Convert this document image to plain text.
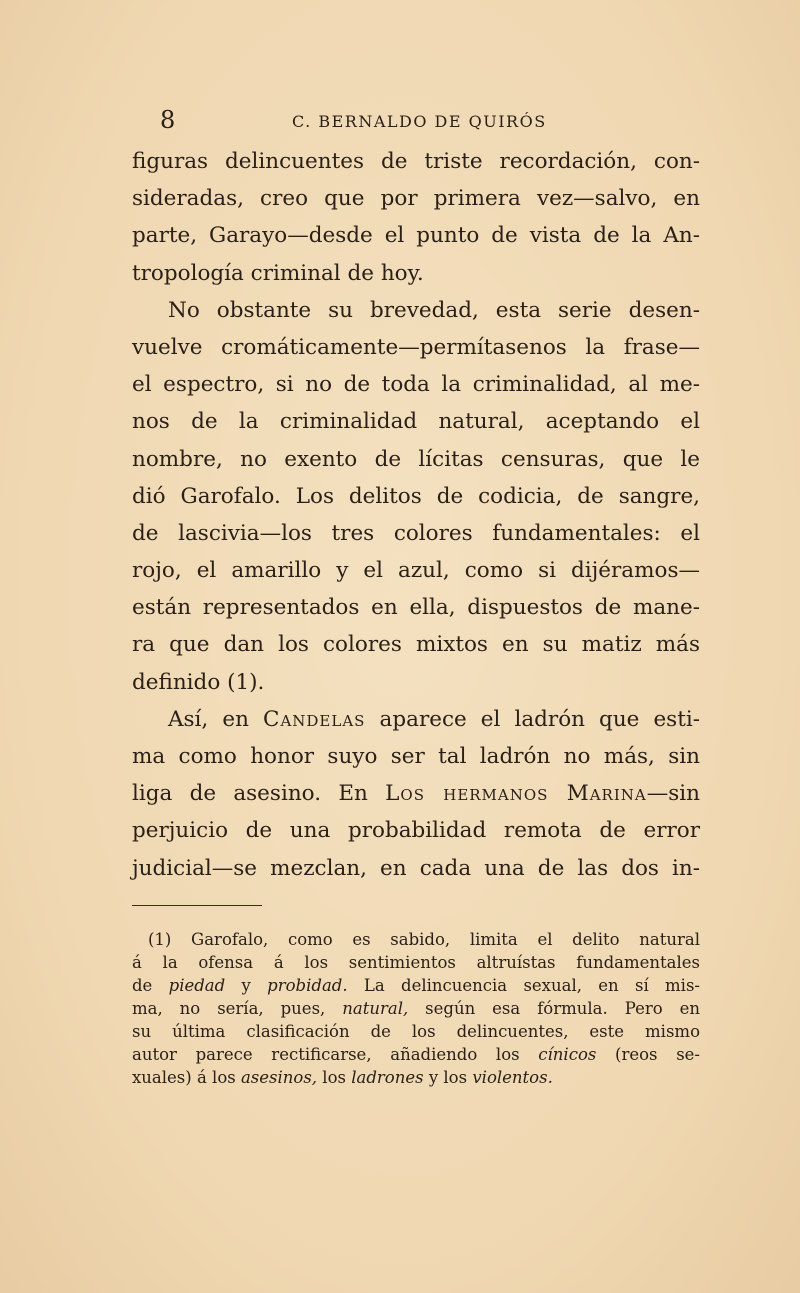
8	C. BERNALDO DE QUIRÓS
figuras delincuentes de triste recordación, con-
sideradas, creo que por primera vez—salvo, en
parte, Garayo—desde el punto de vista de la An-
tropología criminal de hoy.
No obstante su brevedad, esta serie desen-
vuelve cromáticamente—permítasenos la frase—
el espectro, si no de toda la criminalidad, al me-
nos de la criminalidad natural, aceptando el
nombre, no exento de lícitas censuras, que le
dió Garofalo. Los delitos de codicia, de sangre,
de lascivia—los tres colores fundamentales: el
rojo, el amarillo y el azul, como si dijéramos—
están representados en ella, dispuestos de mane-
ra que dan los colores mixtos en su matiz más
definido (1).
Así, en Candelas aparece el ladrón que esti-
ma como honor suyo ser tal ladrón no más, sin
liga de asesino. En Los hermanos Marina—sin
perjuicio de una probabilidad remota de error
judicial—se mezclan, en cada una de las dos in-
(1) Garofalo, como es sabido, limita el delito natural
á la ofensa á los sentimientos altruístas fundamentales
de piedad y probidad. La delincuencia sexual, en sí mis-
ma, no sería, pues, natural, según esa fórmula. Pero en
su última clasificación de los delincuentes, este mismo
autor parece rectificarse, añadiendo los cínicos (reos se-
xuales) á los asesinos, los ladrones y los violentos.
